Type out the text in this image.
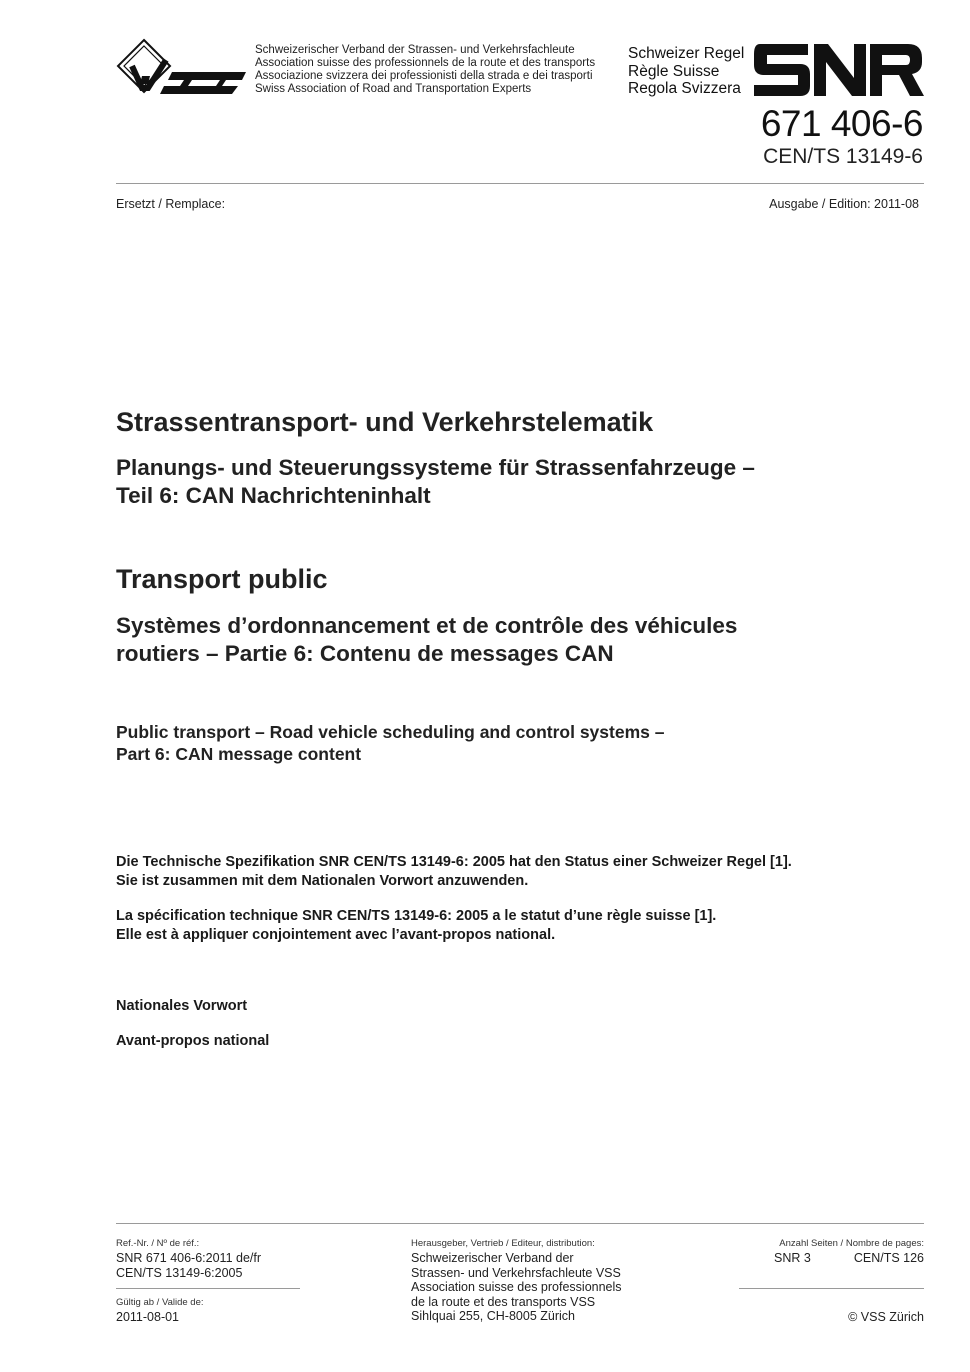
Schweizerischer Verband der Strassen- und Verkehrsfachleute
Association suisse des professionnels de la route et des transports
Associazione svizzera dei professionisti della strada e dei trasporti
Swiss Association of Road and Transportation Experts
Schweizer Regel
Règle Suisse
Regola Svizzera
671 406-6
CEN/TS 13149-6
Ersetzt / Remplace:	Ausgabe / Edition: 2011-08
Strassentransport- und Verkehrstelematik
Planungs- und Steuerungssysteme für Strassenfahrzeuge –
Teil 6: CAN Nachrichteninhalt
Transport public
Systèmes d’ordonnancement et de contrôle des véhicules
routiers – Partie 6: Contenu de messages CAN
Public transport – Road vehicle scheduling and control systems –
Part 6: CAN message content
Die Technische Spezifikation SNR CEN/TS 13149-6: 2005 hat den Status einer Schweizer Regel [1].
Sie ist zusammen mit dem Nationalen Vorwort anzuwenden.
La spécification technique SNR CEN/TS 13149-6: 2005 a le statut d’une règle suisse [1].
Elle est à appliquer conjointement avec l’avant-propos national.
Nationales Vorwort
Avant-propos national
Ref.-Nr. / Nº de réf.:
SNR 671 406-6:2011 de/fr
CEN/TS 13149-6:2005
Gültig ab / Valide de:
2011-08-01
Herausgeber, Vertrieb / Editeur, distribution:
Schweizerischer Verband der
Strassen- und Verkehrsfachleute VSS
Association suisse des professionnels
de la route et des transports VSS
Sihlquai 255, CH-8005 Zürich
Anzahl Seiten / Nombre de pages:
SNR 3	CEN/TS 126
© VSS Zürich
